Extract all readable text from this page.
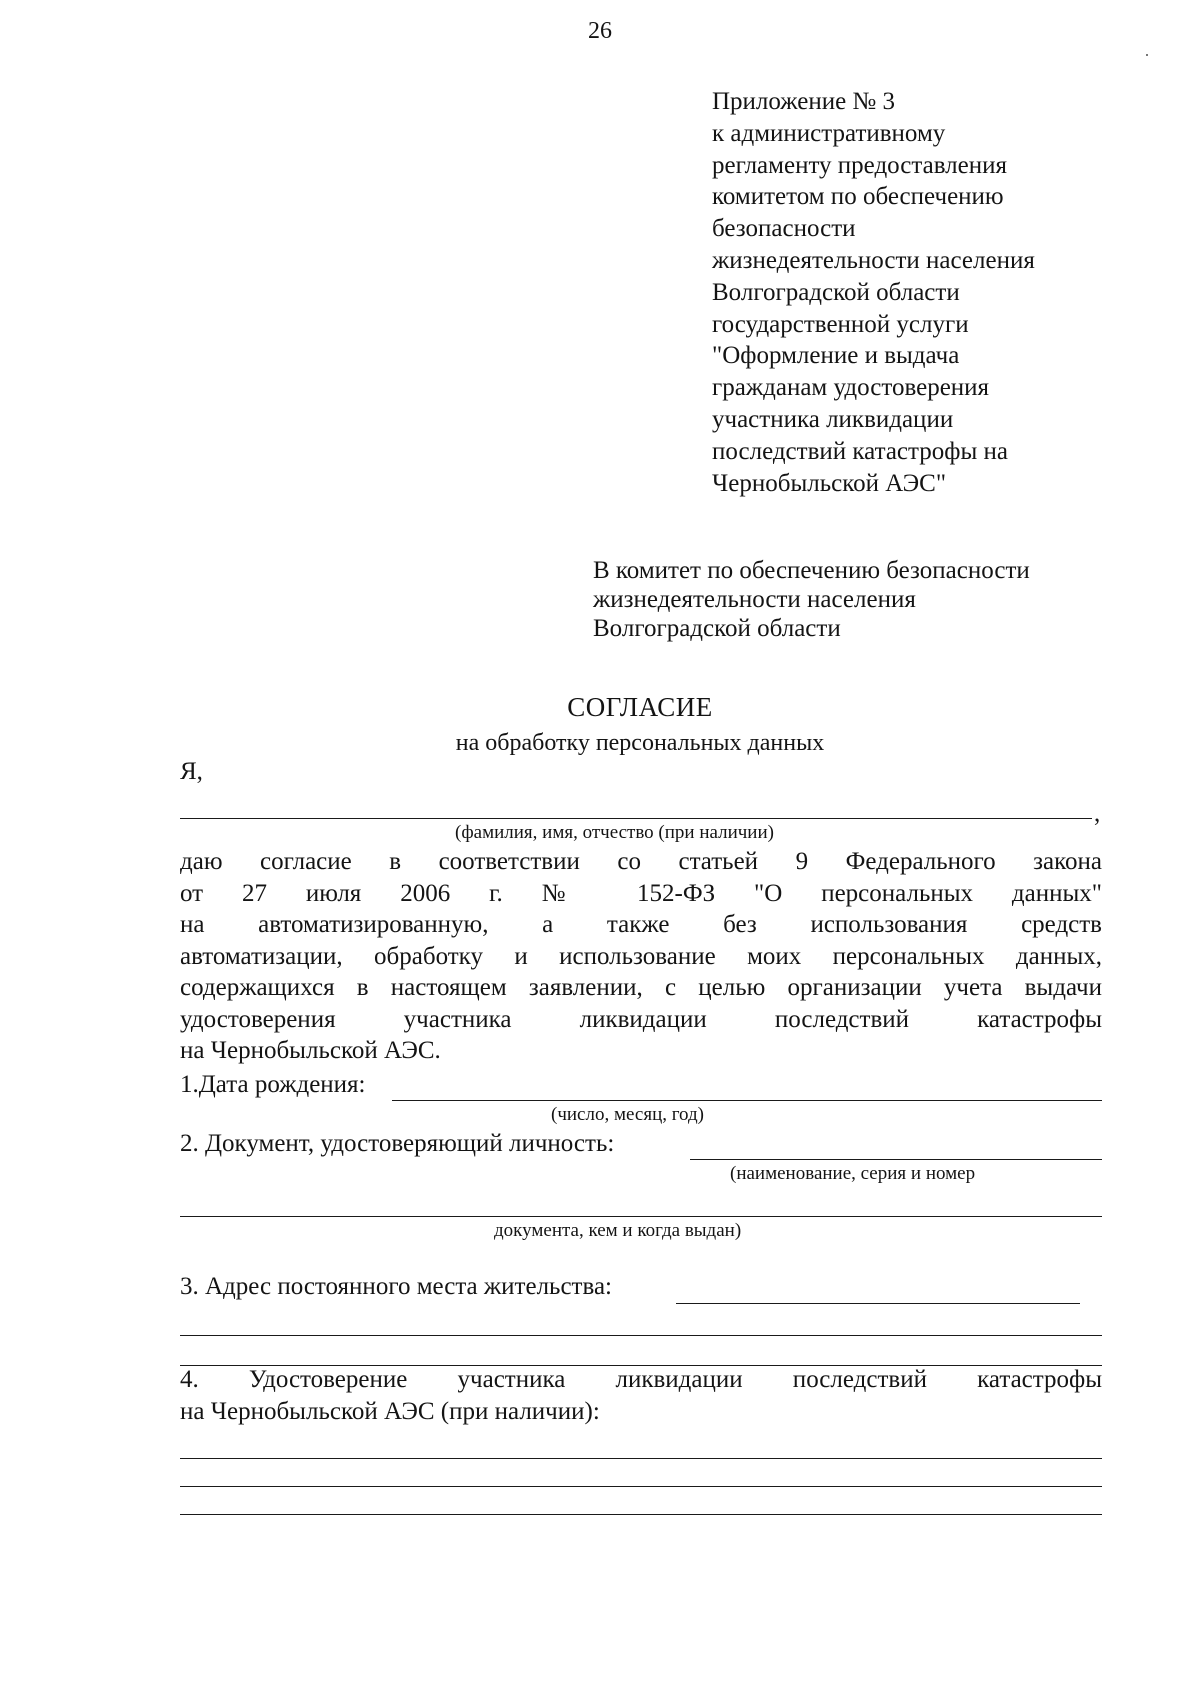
26
Приложение № 3
к административному
регламенту предоставления
комитетом по обеспечению
безопасности
жизнедеятельности населения
Волгоградской области
государственной услуги
"Оформление и выдача
гражданам удостоверения
участника ликвидации
последствий катастрофы на
Чернобыльской АЭС"
В комитет по обеспечению безопасности
жизнедеятельности населения
Волгоградской области
СОГЛАСИЕ
на обработку персональных данных
Я,
,
(фамилия, имя, отчество (при наличии)
даю согласие в соответствии со статьей 9 Федерального закона
от 27 июля 2006 г. № 152-ФЗ "О персональных данных"
на автоматизированную, а также без использования средств
автоматизации, обработку и использование моих персональных данных,
содержащихся в настоящем заявлении, с целью организации учета выдачи
удостоверения участника ликвидации последствий катастрофы
на Чернобыльской АЭС.
1.Дата рождения:
(число, месяц, год)
2. Документ, удостоверяющий личность:
(наименование, серия и номер
документа, кем и когда выдан)
3. Адрес постоянного места жительства:
4. Удостоверение участника ликвидации последствий катастрофы
на Чернобыльской АЭС (при наличии):
